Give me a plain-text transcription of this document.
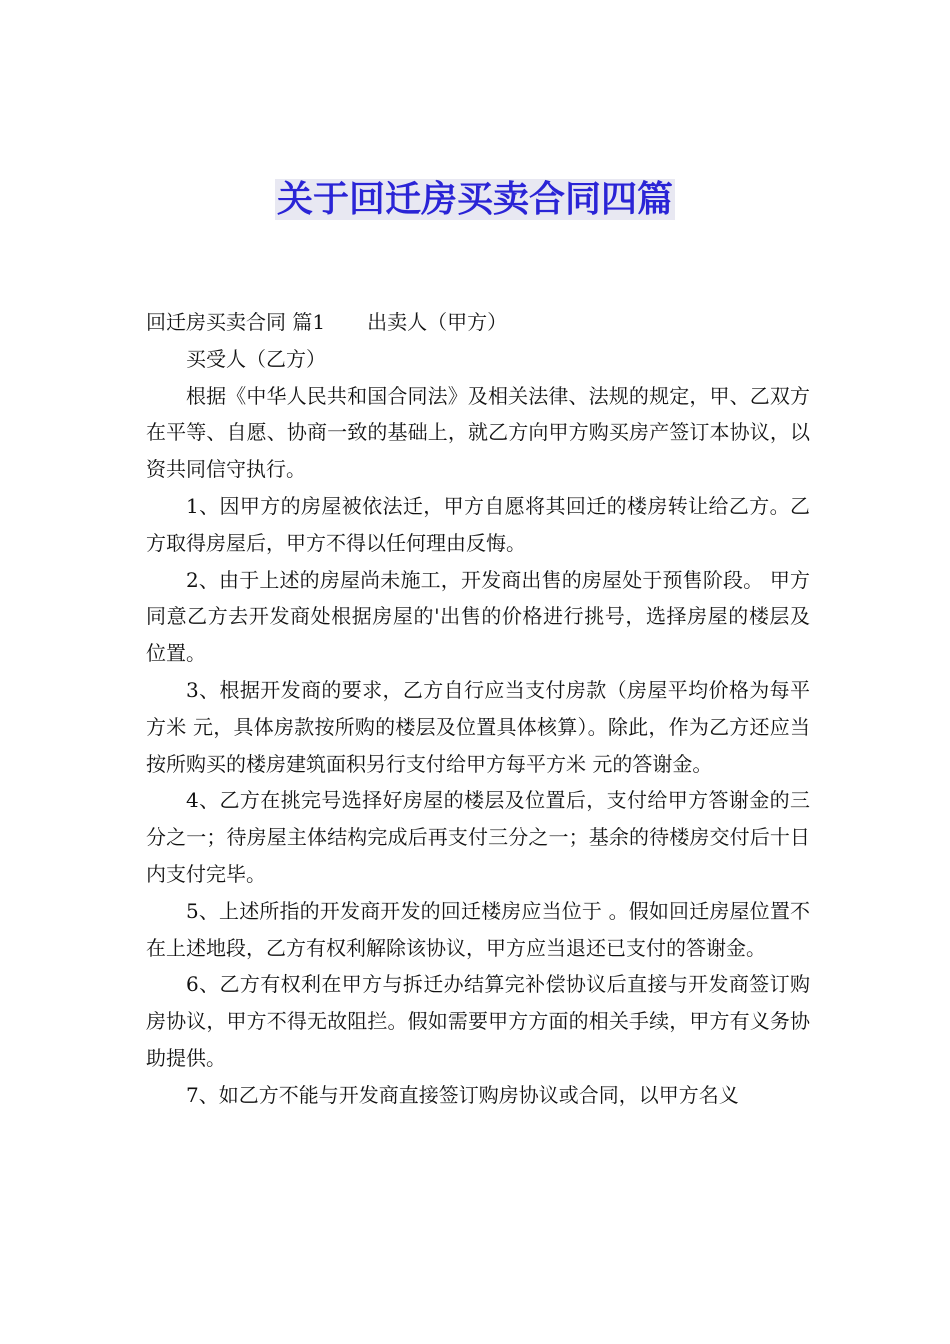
关于回迁房买卖合同四篇

回迁房买卖合同 篇1 出卖人（甲方）

买受人（乙方）

根据《中华人民共和国合同法》及相关法律、法规的规定，甲、乙双方在平等、自愿、协商一致的基础上，就乙方向甲方购买房产签订本协议，以资共同信守执行。

1、因甲方的房屋被依法迁，甲方自愿将其回迁的楼房转让给乙方。乙方取得房屋后，甲方不得以任何理由反悔。

2、由于上述的房屋尚未施工，开发商出售的房屋处于预售阶段。 甲方同意乙方去开发商处根据房屋的'出售的价格进行挑号，选择房屋的楼层及位置。

3、根据开发商的要求，乙方自行应当支付房款（房屋平均价格为每平方米 元，具体房款按所购的楼层及位置具体核算）。除此，作为乙方还应当按所购买的楼房建筑面积另行支付给甲方每平方米 元的答谢金。

4、乙方在挑完号选择好房屋的楼层及位置后，支付给甲方答谢金的三分之一；待房屋主体结构完成后再支付三分之一；基余的待楼房交付后十日内支付完毕。

5、上述所指的开发商开发的回迁楼房应当位于 。假如回迁房屋位置不在上述地段，乙方有权利解除该协议，甲方应当退还已支付的答谢金。

6、乙方有权利在甲方与拆迁办结算完补偿协议后直接与开发商签订购房协议，甲方不得无故阻拦。假如需要甲方方面的相关手续，甲方有义务协助提供。

7、如乙方不能与开发商直接签订购房协议或合同，以甲方名义
